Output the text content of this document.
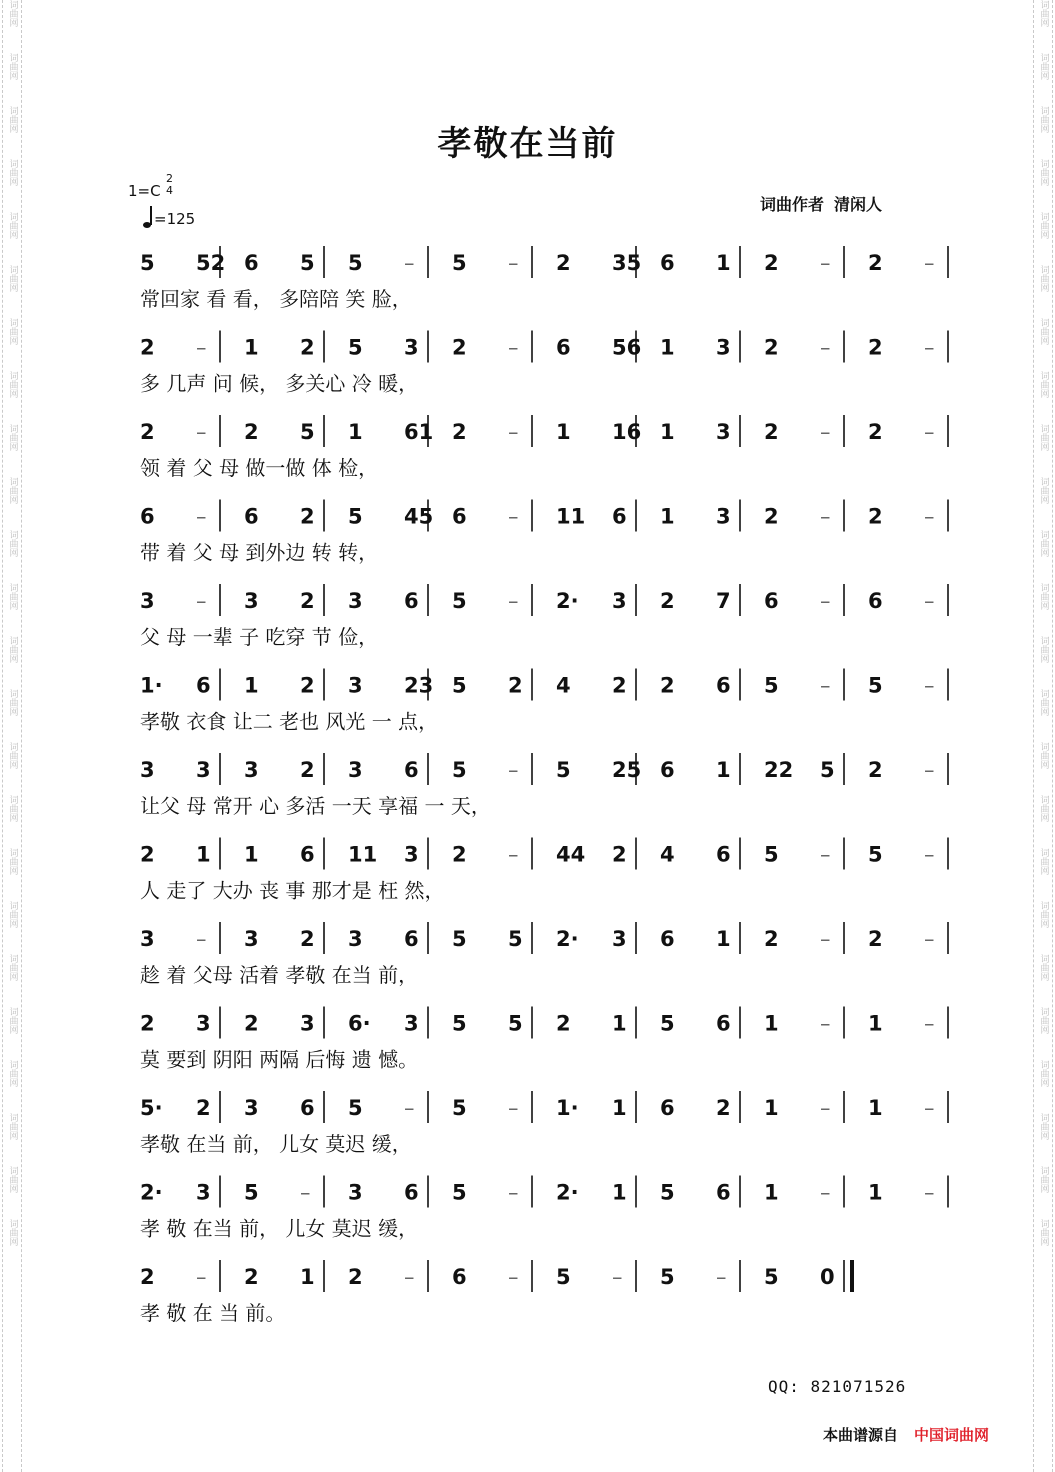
词曲网
词曲网
词曲网
词曲网
词曲网
词曲网
词曲网
词曲网
词曲网
词曲网
词曲网
词曲网
词曲网
词曲网
词曲网
词曲网
词曲网
词曲网
词曲网
词曲网
词曲网
词曲网
词曲网
词曲网
词曲网
词曲网
词曲网
词曲网
词曲网
词曲网
词曲网
词曲网
词曲网
词曲网
词曲网
词曲网
词曲网
词曲网
词曲网
词曲网
词曲网
词曲网
词曲网
词曲网
词曲网
词曲网
词曲网
词曲网
孝敬在当前
1=C
2
4
=125
词曲作者 清闲人
5 52 6 5 5 – 5 – 2 35 6 1 2 – 2 –
常回家 看 看， 多陪陪 笑 脸，
2 – 1 2 5 3 2 – 6 56 1 3 2 – 2 –
多 几声 问 候， 多关心 冷 暖，
2 – 2 5 1 61 2 – 1 16 1 3 2 – 2 –
领 着 父 母 做一做 体 检，
6 – 6 2 5 45 6 – 11 6 1 3 2 – 2 –
带 着 父 母 到外边 转 转，
3 – 3 2 3 6 5 – 2· 3 2 7 6 – 6 –
父 母 一辈 子 吃穿 节 俭，
1· 6 1 2 3 23 5 2 4 2 2 6 5 – 5 –
孝敬 衣食 让二 老也 风光 一 点，
3 3 3 2 3 6 5 – 5 25 6 1 22 5 2 –
让父 母 常开 心 多活 一天 享福 一 天，
2 1 1 6 11 3 2 – 44 2 4 6 5 – 5 –
人 走了 大办 丧 事 那才是 枉 然，
3 – 3 2 3 6 5 5 2· 3 6 1 2 – 2 –
趁 着 父母 活着 孝敬 在当 前，
2 3 2 3 6· 3 5 5 2 1 5 6 1 – 1 –
莫 要到 阴阳 两隔 后悔 遗 憾。
5· 2 3 6 5 – 5 – 1· 1 6 2 1 – 1 –
孝敬 在当 前， 儿女 莫迟 缓，
2· 3 5 – 3 6 5 – 2· 1 5 6 1 – 1 –
孝 敬 在当 前， 儿女 莫迟 缓，
2 – 2 1 2 – 6 – 5 – 5 – 5 0
孝 敬 在 当 前。
QQ: 821071526
本曲谱源自 中国词曲网
